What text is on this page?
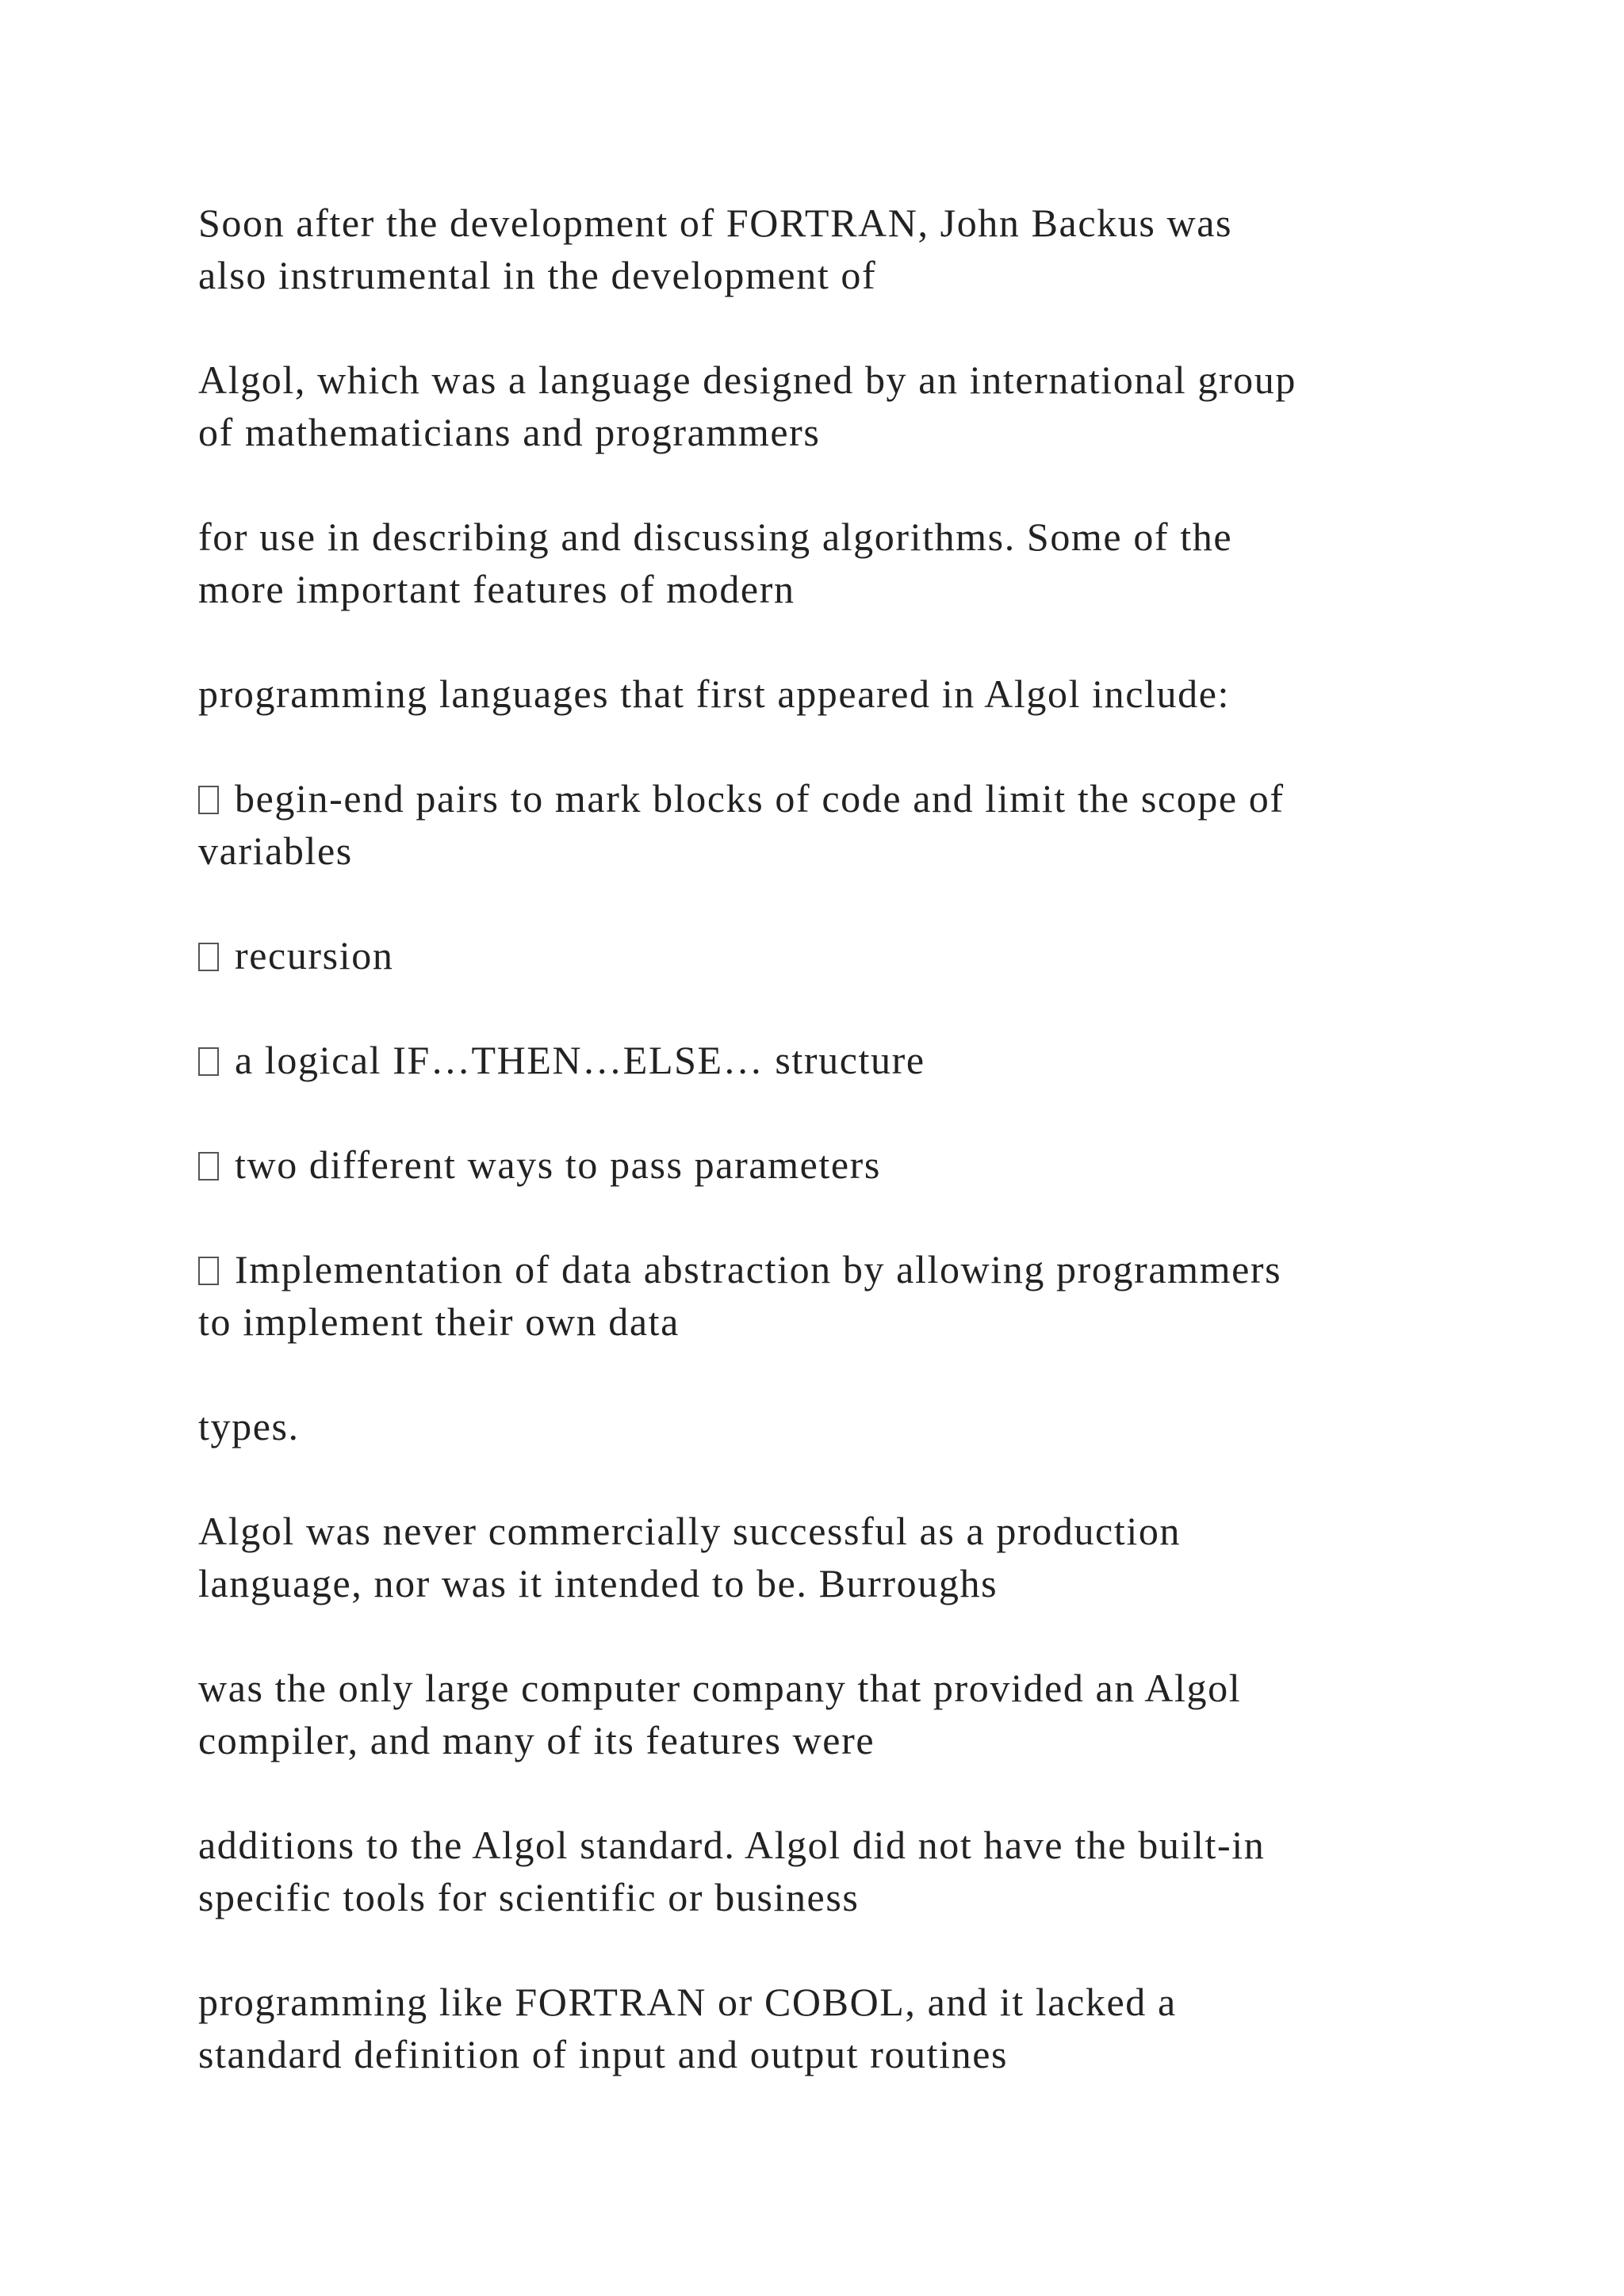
Soon after the development of FORTRAN, John Backus was
also instrumental in the development of
Algol, which was a language designed by an international group
of mathematicians and programmers
for use in describing and discussing algorithms. Some of the
more important features of modern
programming languages that first appeared in Algol include:
begin-end pairs to mark blocks of code and limit the scope of
variables
recursion
a logical IF…THEN…ELSE… structure
two different ways to pass parameters
Implementation of data abstraction by allowing programmers
to implement their own data
types.
Algol was never commercially successful as a production
language, nor was it intended to be. Burroughs
was the only large computer company that provided an Algol
compiler, and many of its features were
additions to the Algol standard. Algol did not have the built-in
specific tools for scientific or business
programming like FORTRAN or COBOL, and it lacked a
standard definition of input and output routines
